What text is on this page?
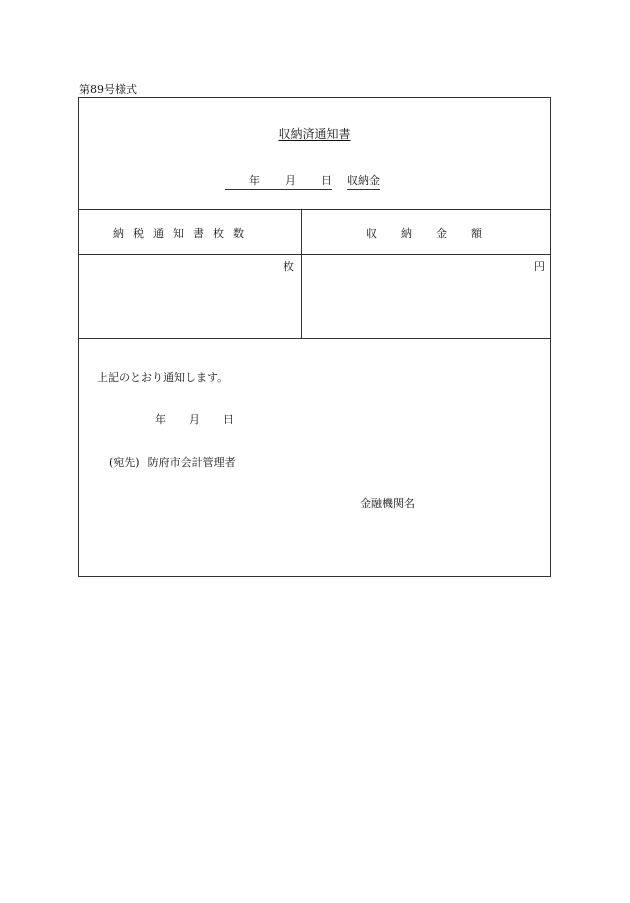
第89号様式
収納済通知書
年 月 日 収納金
納税通知書枚数	収 納 金 額
枚	円
上記のとおり通知します。
年 月 日
(宛先) 防府市会計管理者
金融機関名
